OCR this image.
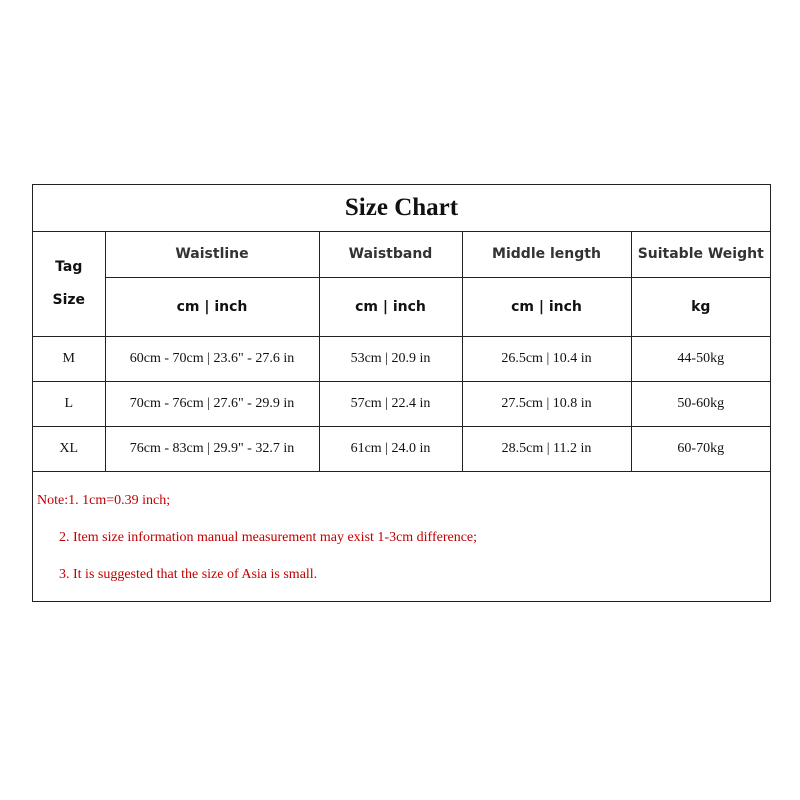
Size Chart
Tag
Size	Waistline	Waistband	Middle length	Suitable Weight
	cm | inch	cm | inch	cm | inch	kg
M	60cm - 70cm | 23.6" - 27.6 in	53cm | 20.9 in	26.5cm | 10.4 in	44-50kg
L	70cm - 76cm | 27.6" - 29.9 in	57cm | 22.4 in	27.5cm | 10.8 in	50-60kg
XL	76cm - 83cm | 29.9" - 32.7 in	61cm | 24.0 in	28.5cm | 11.2 in	60-70kg
Note:1. 1cm=0.39 inch;
2. Item size information manual measurement may exist 1-3cm difference;
3. It is suggested that the size of Asia is small.
